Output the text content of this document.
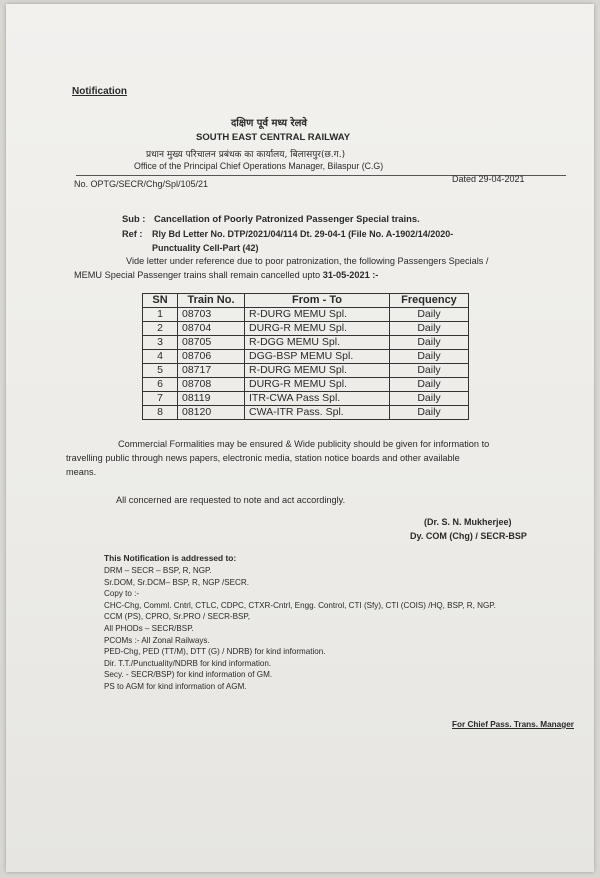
Notification
दक्षिण पूर्व मध्य रेलवे
SOUTH EAST CENTRAL RAILWAY
प्रधान मुख्य परिचालन प्रबंधक का कार्यालय, बिलासपुर(छ.ग.)
Office of the Principal Chief Operations Manager, Bilaspur (C.G)
No. OPTG/SECR/Chg/Spl/105/21	Dated 29-04-2021
Sub : Cancellation of Poorly Patronized Passenger Special trains.
Ref : Rly Bd Letter No. DTP/2021/04/114 Dt. 29-04-1 (File No. A-1902/14/2020-
Punctuality Cell-Part (42)
Vide letter under reference due to poor patronization, the following Passengers Specials /
MEMU Special Passenger trains shall remain cancelled upto 31-05-2021 :-
SN	Train No.	From - To	Frequency
1	08703	R-DURG MEMU Spl.	Daily
2	08704	DURG-R MEMU Spl.	Daily
3	08705	R-DGG MEMU Spl.	Daily
4	08706	DGG-BSP MEMU Spl.	Daily
5	08717	R-DURG MEMU Spl.	Daily
6	08708	DURG-R MEMU Spl.	Daily
7	08119	ITR-CWA Pass Spl.	Daily
8	08120	CWA-ITR Pass. Spl.	Daily
Commercial Formalities may be ensured & Wide publicity should be given for information to
travelling public through news papers, electronic media, station notice boards and other available
means.
All concerned are requested to note and act accordingly.
(Dr. S. N. Mukherjee)
Dy. COM (Chg) / SECR-BSP
This Notification is addressed to:
DRM – SECR – BSP, R, NGP.
Sr.DOM, Sr.DCM– BSP, R, NGP /SECR.
Copy to :-
CHC-Chg, Comml. Cntrl, CTLC, CDPC, CTXR-Cntrl, Engg. Control, CTI (Sfy), CTI (COIS) /HQ, BSP, R, NGP.
CCM (PS), CPRO, Sr.PRO / SECR-BSP,
All PHODs – SECR/BSP.
PCOMs :- All Zonal Railways.
PED-Chg, PED (TT/M), DTT (G) / NDRB) for kind information.
Dir. T.T./Punctuality/NDRB for kind information.
Secy. - SECR/BSP) for kind information of GM.
PS to AGM for kind information of AGM.
For Chief Pass. Trans. Manager
